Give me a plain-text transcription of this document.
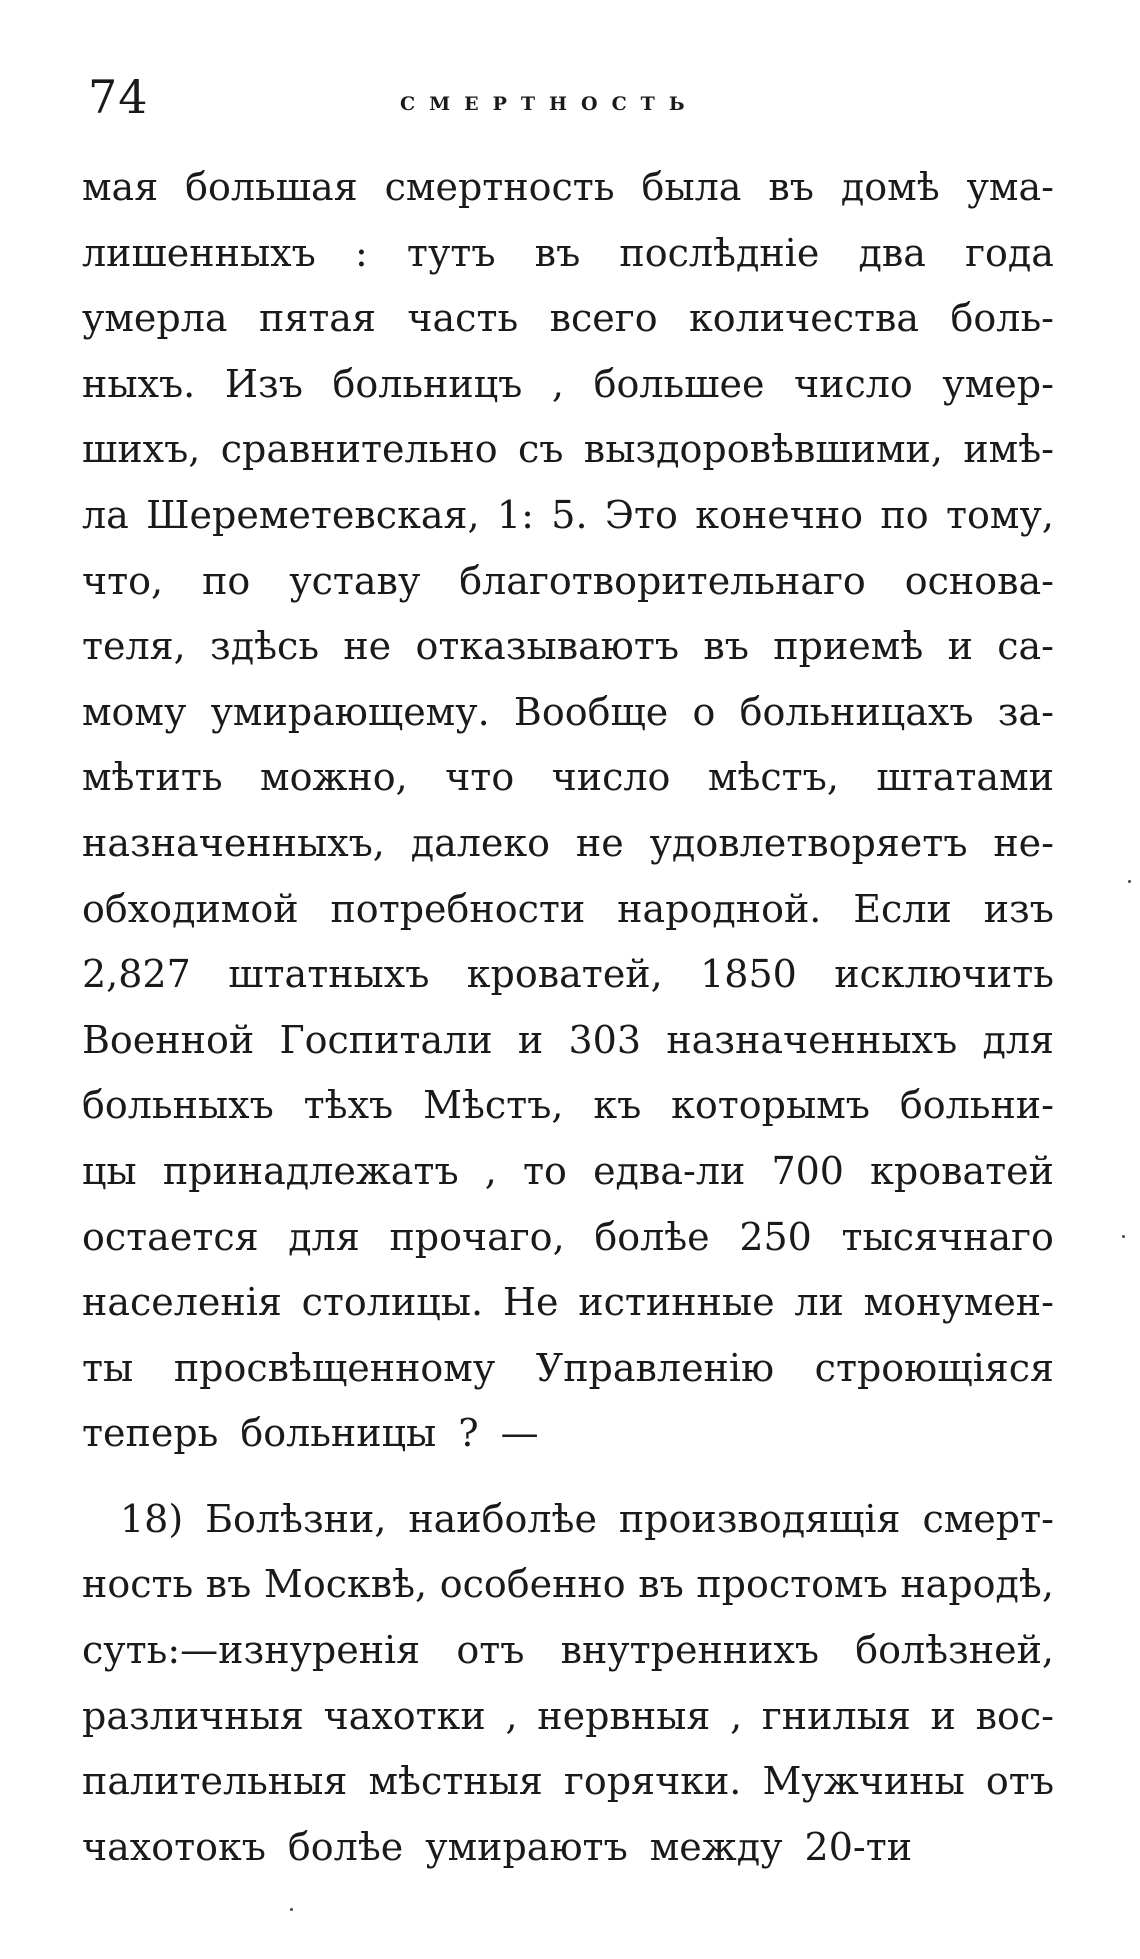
74	смертность
мая большая смертность была въ домѣ ума-
лишенныхъ : тутъ въ послѣдніе два года
умерла пятая часть всего количества боль-
ныхъ. Изъ больницъ , большее число умер-
шихъ, сравнительно съ выздоровѣвшими, имѣ-
ла Шереметевская, 1: 5. Это конечно по тому,
что, по уставу благотворительнаго основа-
теля, здѣсь не отказываютъ въ приемѣ и са-
мому умирающему. Вообще о больницахъ за-
мѣтить можно, что число мѣстъ, штатами
назначенныхъ, далеко не удовлетворяетъ не-
обходимой потребности народной. Если изъ
2,827 штатныхъ кроватей, 1850 исключить
Военной Госпитали и 303 назначенныхъ для
больныхъ тѣхъ Мѣстъ, къ которымъ больни-
цы принадлежатъ , то едва-ли 700 кроватей
остается для прочаго, болѣе 250 тысячнаго
населенія столицы. Не истинные ли монумен-
ты просвѣщенному Управленію строющіяся
теперь больницы ? —
18) Болѣзни, наиболѣе производящія смерт-
ность въ Москвѣ, особенно въ простомъ народѣ,
суть:—изнуренія отъ внутреннихъ болѣзней,
различныя чахотки , нервныя , гнилыя и вос-
палительныя мѣстныя горячки. Мужчины отъ
чахотокъ болѣе умираютъ между 20-ти
